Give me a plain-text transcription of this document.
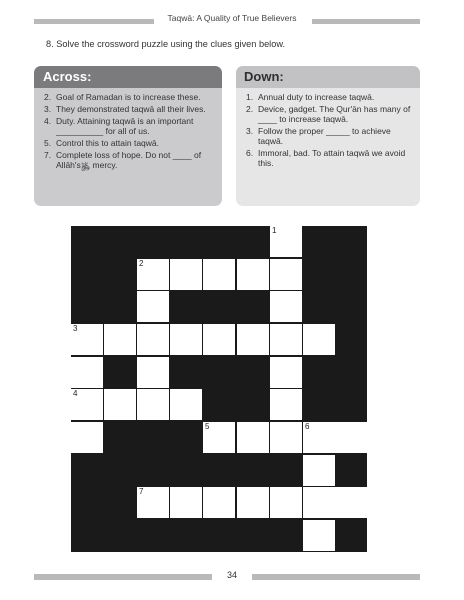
Taqwā: A Quality of True Believers
8. Solve the crossword puzzle using the clues given below.
Across:
2. Goal of Ramadan is to increase these.
3. They demonstrated taqwā all their lives.
4. Duty. Attaining taqwā is an important __________ for all of us.
5. Control this to attain taqwā.
7. Complete loss of hope. Do not ____ of Allāh's﷿ mercy.
Down:
1. Annual duty to increase taqwā.
2. Device, gadget. The Qur'ān has many of ____ to increase taqwā.
3. Follow the proper _____ to achieve taqwā.
6. Immoral, bad. To attain taqwā we avoid this.
1
2
3
4
5	6
7
34
